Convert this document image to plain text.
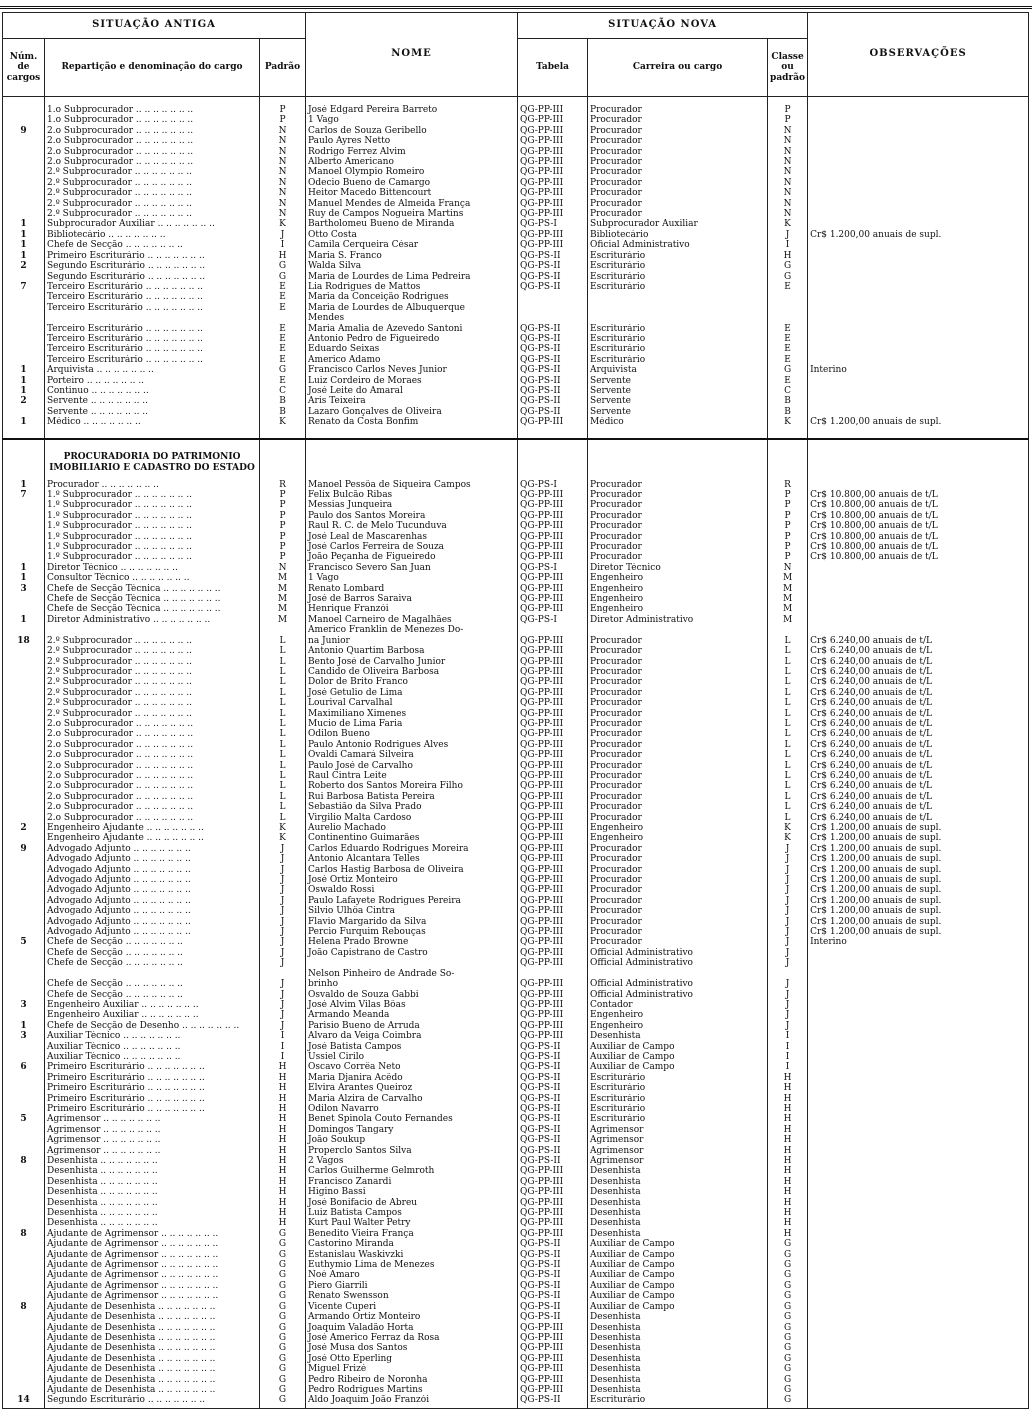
SITUAÇÃO ANTIGA			NOME	SITUAÇÃO NOVA			OBSERVAÇÕES
Núm. de cargos	Repartição e denominação do cargo	Padrão		Tabela	Carreira ou cargo	Classe ou padrão	

	1.o Subprocurador .. ..	P	José Edgard Pereira Barreto	QG-PP-III	Procurador	P	
	1.o Subprocurador .. ..	P	1 Vago	QG-PP-III	Procurador	P	
9	2.o Subprocurador .. ..	N	Carlos de Souza Geribello	QG-PP-III	Procurador	N	
	2.o Subprocurador .. ..	N	Paulo Ayres Netto	QG-PP-III	Procurador	N	
	2.o Subprocurador .. ..	N	Rodrigo Ferrez Alvim	QG-PP-III	Procurador	N	
	2.o Subprocurador .. ..	N	Alberto Americano	QG-PP-III	Procurador	N	
	2.º Subprocurador .. ..	N	Manoel Olympio Romeiro	QG-PP-III	Procurador	N	
	2.º Subprocurador .. ..	N	Odecio Bueno de Camargo	QG-PP-III	Procurador	N	
	2.º Subprocurador .. ..	N	Heitor Macedo Bittencourt	QG-PP-III	Procurador	N	
	2.º Subprocurador .. ..	N	Manuel Mendes de Almeida França	QG-PP-III	Procurador	N	
	2.º Subprocurador .. ..	N	Ruy de Campos Nogueira Martins	QG-PP-III	Procurador	N	
1	Subprocurador Auxiliar .. ..	K	Bartholomeu Bueno de Miranda	QG-PS-I	Subprocurador Auxiliar	K	
1	Bibliotecário .. ..	J	Otto Costa	QG-PP-III	Bibliotecário	J	Cr$ 1.200,00 anuais de supl.
1	Chefe de Secção .. ..	I	Camila Cerqueira César	QG-PP-III	Oficial Administrativo	I	
1	Primeiro Escriturário .. ..	H	Maria S. Franco	QG-PS-II	Escriturário	H	
2	Segundo Escriturário .. ..	G	Walda Silva	QG-PS-II	Escriturário	G	
	Segundo Escriturário .. ..	G	Maria de Lourdes de Lima Pedreira	QG-PS-II	Escriturário	G	
7	Terceiro Escriturário .. ..	E	Lia Rodrigues de Mattos	QG-PS-II	Escriturário	E	
	Terceiro Escriturário .. ..	E	Maria da Conceição Rodrigues				
	Terceiro Escriturário .. ..	E	Maria de Lourdes de Albuquerque				
			Mendes				
	Terceiro Escriturário .. ..	E	Maria Amalia de Azevedo Santoni	QG-PS-II	Escriturário	E	
	Terceiro Escriturário .. ..	E	Antonio Pedro de Figueiredo	QG-PS-II	Escriturário	E	
	Terceiro Escriturário .. ..	E	Eduardo Seixas	QG-PS-II	Escriturário	E	
	Terceiro Escriturário .. ..	E	Americo Adamo	QG-PS-II	Escriturário	E	
1	Arquivista .. ..	G	Francisco Carlos Neves Junior	QG-PS-II	Arquivista	G	Interino
1	Porteiro .. ..	E	Luiz Cordeiro de Moraes	QG-PS-II	Servente	E	
1	Continuo .. ..	C	José Leite do Amaral	QG-PS-II	Servente	C	
2	Servente .. ..	B	Aris Teixeira	QG-PS-II	Servente	B	
	Servente .. ..	B	Lazaro Gonçalves de Oliveira	QG-PS-II	Servente	B	
1	Médico .. ..	K	Renato da Costa Bonfim	QG-PP-III	Médico	K	Cr$ 1.200,00 anuais de supl.

	PROCURADORIA DO PATRIMONIO IMOBILIARIO E CADASTRO DO ESTADO						
1	Procurador .. ..	R	Manoel Pessôa de Siqueira Campos	QG-PS-I	Procurador	R	
7	1.º Subprocurador .. ..	P	Felix Bulcão Ribas	QG-PP-III	Procurador	P	Cr$ 10.800,00 anuais de t/L
	1.º Subprocurador .. ..	P	Messias Junqueira	QG-PP-III	Procurador	P	Cr$ 10.800,00 anuais de t/L
	1.º Subprocurador .. ..	P	Paulo dos Santos Moreira	QG-PP-III	Procurador	P	Cr$ 10.800,00 anuais de t/L
	1.º Subprocurador .. ..	P	Raul R. C. de Melo Tucunduva	QG-PP-III	Procurador	P	Cr$ 10.800,00 anuais de t/L
	1.º Subprocurador .. ..	P	José Leal de Mascarenhas	QG-PP-III	Procurador	P	Cr$ 10.800,00 anuais de t/L
	1.º Subprocurador .. ..	P	José Carlos Ferreira de Souza	QG-PP-III	Procurador	P	Cr$ 10.800,00 anuais de t/L
	1.º Subprocurador .. ..	P	João Peçanha de Figueiredo	QG-PP-III	Procurador	P	Cr$ 10.800,00 anuais de t/L
1	Diretor Técnico .. ..	N	Francisco Severo San Juan	QG-PS-I	Diretor Técnico	N	
1	Consultor Técnico .. ..	M	1 Vago	QG-PP-III	Engenheiro	M	
3	Chefe de Secção Técnica .. ..	M	Renato Lombard	QG-PP-III	Engenheiro	M	
	Chefe de Secção Técnica .. ..	M	José de Barros Saraiva	QG-PP-III	Engenheiro	M	
	Chefe de Secção Técnica .. ..	M	Henrique Franzói	QG-PP-III	Engenheiro	M	
1	Diretor Administrativo .. ..	M	Manoel Carneiro de Magalhães	QG-PS-I	Diretor Administrativo	M	
			Americo Franklin de Menezes Do-				
18	2.º Subprocurador .. ..	L	na Junior	QG-PP-III	Procurador	L	Cr$ 6.240,00 anuais de t/L
	2.º Subprocurador .. ..	L	Antonio Quartim Barbosa	QG-PP-III	Procurador	L	Cr$ 6.240,00 anuais de t/L
	2.º Subprocurador .. ..	L	Bento José de Carvalho Junior	QG-PP-III	Procurador	L	Cr$ 6.240,00 anuais de t/L
	2.º Subprocurador .. ..	L	Candido de Oliveira Barbosa	QG-PP-III	Procurador	L	Cr$ 6.240,00 anuais de t/L
	2.º Subprocurador .. ..	L	Dolor de Brito Franco	QG-PP-III	Procurador	L	Cr$ 6.240,00 anuais de t/L
	2.º Subprocurador .. ..	L	José Getulio de Lima	QG-PP-III	Procurador	L	Cr$ 6.240,00 anuais de t/L
	2.º Subprocurador .. ..	L	Lourival Carvalhal	QG-PP-III	Procurador	L	Cr$ 6.240,00 anuais de t/L
	2.º Subprocurador .. ..	L	Maximiliano Ximenes	QG-PP-III	Procurador	L	Cr$ 6.240,00 anuais de t/L
	2.o Subprocurador .. ..	L	Mucio de Lima Faria	QG-PP-III	Procurador	L	Cr$ 6.240,00 anuais de t/L
	2.o Subprocurador .. ..	L	Odilon Bueno	QG-PP-III	Procurador	L	Cr$ 6.240,00 anuais de t/L
	2.o Subprocurador .. ..	L	Paulo Antonio Rodrigues Alves	QG-PP-III	Procurador	L	Cr$ 6.240,00 anuais de t/L
	2.o Subprocurador .. ..	L	Ovaldi Camará Silveira	QG-PP-III	Procurador	L	Cr$ 6.240,00 anuais de t/L
	2.o Subprocurador .. ..	L	Paulo José de Carvalho	QG-PP-III	Procurador	L	Cr$ 6.240,00 anuais de t/L
	2.o Subprocurador .. ..	L	Raul Cintra Leite	QG-PP-III	Procurador	L	Cr$ 6.240,00 anuais de t/L
	2.o Subprocurador .. ..	L	Roberto dos Santos Moreira Filho	QG-PP-III	Procurador	L	Cr$ 6.240,00 anuais de t/L
	2.o Subprocurador .. ..	L	Rui Barbosa Batista Pereira	QG-PP-III	Procurador	L	Cr$ 6.240,00 anuais de t/L
	2.o Subprocurador .. ..	L	Sebastião da Silva Prado	QG-PP-III	Procurador	L	Cr$ 6.240,00 anuais de t/L
	2.o Subprocurador .. ..	L	Virgilio Malta Cardoso	QG-PP-III	Procurador	L	Cr$ 6.240,00 anuais de t/L
2	Engenheiro Ajudante .. ..	K	Aurelio Machado	QG-PP-III	Engenheiro	K	Cr$ 1.200,00 anuais de supl.
	Engenheiro Ajudante .. ..	K	Continentino Guimarães	QG-PP-III	Engenheiro	K	Cr$ 1.200,00 anuais de supl.
9	Advogado Adjunto .. ..	J	Carlos Eduardo Rodrigues Moreira	QG-PP-III	Procurador	J	Cr$ 1.200,00 anuais de supl.
	Advogado Adjunto .. ..	J	Antonio Alcantara Telles	QG-PP-III	Procurador	J	Cr$ 1.200,00 anuais de supl.
	Advogado Adjunto .. ..	J	Carlos Hastig Barbosa de Oliveira	QG-PP-III	Procurador	J	Cr$ 1.200,00 anuais de supl.
	Advogado Adjunto .. ..	J	José Ortiz Monteiro	QG-PP-III	Procurador	J	Cr$ 1.200,00 anuais de supl.
	Advogado Adjunto .. ..	J	Oswaldo Rossi	QG-PP-III	Procurador	J	Cr$ 1.200,00 anuais de supl.
	Advogado Adjunto .. ..	J	Paulo Lafayete Rodrigues Pereira	QG-PP-III	Procurador	J	Cr$ 1.200,00 anuais de supl.
	Advogado Adjunto .. ..	J	Silvio Ulhôa Cintra	QG-PP-III	Procurador	J	Cr$ 1.200,00 anuais de supl.
	Advogado Adjunto .. ..	J	Flavio Margarido da Silva	QG-PP-III	Procurador	J	Cr$ 1.200,00 anuais de supl.
	Advogado Adjunto .. ..	J	Percio Furquim Rebouças	QG-PP-III	Procurador	J	Cr$ 1.200,00 anuais de supl.
5	Chefe de Secção .. ..	J	Helena Prado Browne	QG-PP-III	Procurador	J	Interino
	Chefe de Secção .. ..	J	João Capistrano de Castro	QG-PP-III	Official Administrativo	J	
	Chefe de Secção .. ..	J		QG-PP-III	Official Administrativo	J	
			Nelson Pinheiro de Andrade So-				
	Chefe de Secção .. ..	J	brinho	QG-PP-III	Official Administrativo	J	
	Chefe de Secção .. ..	J	Osvaldo de Souza Gabbi	QG-PP-III	Official Administrativo	J	
3	Engenheiro Auxiliar .. ..	J	José Alvim Vilas Bôas	QG-PP-III	Contador	J	
	Engenheiro Auxiliar .. ..	J	Armando Meanda	QG-PP-III	Engenheiro	J	
1	Chefe de Secção de Desenho .. ..	J	Parisio Bueno de Arruda	QG-PP-III	Engenheiro	J	
3	Auxiliar Técnico .. ..	I	Alvaro da Veiga Coimbra	QG-PP-III	Desenhista	I	
	Auxiliar Técnico .. ..	I	José Batista Campos	QG-PS-II	Auxiliar de Campo	I	
	Auxiliar Técnico .. ..	I	Ussiel Cirilo	QG-PS-II	Auxiliar de Campo	I	
6	Primeiro Escriturário .. ..	H	Oscavo Corrêa Neto	QG-PS-II	Auxiliar de Campo	I	
	Primeiro Escriturário .. ..	H	Maria Djanira Acêdo	QG-PS-II	Escriturário	H	
	Primeiro Escriturário .. ..	H	Elvira Arantes Queiroz	QG-PS-II	Escriturário	H	
	Primeiro Escriturário .. ..	H	Maria Alzira de Carvalho	QG-PS-II	Escriturário	H	
	Primeiro Escriturário .. ..	H	Odilon Navarro	QG-PS-II	Escriturário	H	
5	Agrimensor .. ..	H	Benet Spinola Couto Fernandes	QG-PS-II	Escriturário	H	
	Agrimensor .. ..	H	Domingos Tangary	QG-PS-II	Agrimensor	H	
	Agrimensor .. ..	H	João Soukup	QG-PS-II	Agrimensor	H	
	Agrimensor .. ..	H	Properclo Santos Silva	QG-PS-II	Agrimensor	H	
8	Desenhista .. ..	H	2 Vagos	QG-PS-II	Agrimensor	H	
	Desenhista .. ..	H	Carlos Guilherme Gelmroth	QG-PP-III	Desenhista	H	
	Desenhista .. ..	H	Francisco Zanardi	QG-PP-III	Desenhista	H	
	Desenhista .. ..	H	Higino Bassi	QG-PP-III	Desenhista	H	
	Desenhista .. ..	H	José Bonifacio de Abreu	QG-PP-III	Desenhista	H	
	Desenhista .. ..	H	Luiz Batista Campos	QG-PP-III	Desenhista	H	
	Desenhista .. ..	H	Kurt Paul Walter Petry	QG-PP-III	Desenhista	H	
8	Ajudante de Agrimensor .. ..	G	Benedito Vieira França	QG-PP-III	Desenhista	H	
	Ajudante de Agrimensor .. ..	G	Castorino Miranda	QG-PS-II	Auxiliar de Campo	G	
	Ajudante de Agrimensor .. ..	G	Estanislau Waskivzki	QG-PS-II	Auxiliar de Campo	G	
	Ajudante de Agrimensor .. ..	G	Euthymio Lima de Menezes	QG-PS-II	Auxiliar de Campo	G	
	Ajudante de Agrimensor .. ..	G	Noé Amaro	QG-PS-II	Auxiliar de Campo	G	
	Ajudante de Agrimensor .. ..	G	Piero Giarrili	QG-PS-II	Auxiliar de Campo	G	
	Ajudante de Agrimensor .. ..	G	Renato Swensson	QG-PS-II	Auxiliar de Campo	G	
8	Ajudante de Desenhista .. ..	G	Vicente Cuperi	QG-PS-II	Auxiliar de Campo	G	
	Ajudante de Desenhista .. ..	G	Armando Ortiz Monteiro	QG-PS-II	Desenhista	G	
	Ajudante de Desenhista .. ..	G	Joaquim Valadão Horta	QG-PP-III	Desenhista	G	
	Ajudante de Desenhista .. ..	G	José Americo Ferraz da Rosa	QG-PP-III	Desenhista	G	
	Ajudante de Desenhista .. ..	G	José Musa dos Santos	QG-PP-III	Desenhista	G	
	Ajudante de Desenhista .. ..	G	José Otto Eperling	QG-PP-III	Desenhista	G	
	Ajudante de Desenhista .. ..	G	Miguel Frizé	QG-PP-III	Desenhista	G	
	Ajudante de Desenhista .. ..	G	Pedro Ribeiro de Noronha	QG-PP-III	Desenhista	G	
	Ajudante de Desenhista .. ..	G	Pedro Rodrigues Martins	QG-PP-III	Desenhista	G	
14	Segundo Escriturário .. ..	G	Aldo Joaquim João Franzói	QG-PS-II	Escriturário	G	
